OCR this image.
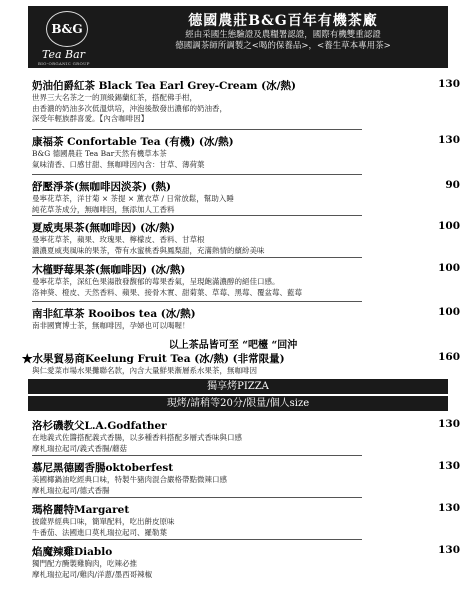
B&G
Tea Bar
BIO-ORGANIC GROUP
德國農莊B&G百年有機茶廠
經由采國生態驗證及農糧署認證，國際有機雙重認證
德國調茶師所調製之<喝的保養品>，<養生草本專用茶>
奶油伯爵紅茶 Black Tea Earl Grey-Cream (冰/熱)	130
世界三大名茶之一的頂級錫蘭紅茶，搭配佛手柑，
由香濃的奶油多次低溫烘培，沖泡後散發出濃郁的奶油香，
深受年輕族群喜愛。【內含咖啡因】
康福茶 Confortable Tea (有機) (冰/熱)	130
B&G 德國農莊 Tea Bar天然有機草本茶
氣味清香、口感甘甜、無咖啡因內含：甘草、薄荷葉
舒壓淨茶(無咖啡因淡茶) (熱)	90
曼寧花草茶，洋甘菊 × 茶提 × 薰衣草 / 日常放鬆，幫助入睡
純花草茶成分，無咖啡因，無添加人工香料
夏威夷果茶(無咖啡因) (冰/熱)	100
曼寧花草茶，蘋果、玫瑰果、檸檬皮、香料、甘草根
濃濃夏威夷風味的果茶，帶有水蜜桃香與鳳梨甜，充滿熱情的繽紛美味
木槿野莓果茶(無咖啡因) (冰/熱)	100
曼寧花草茶，深紅色果湯散發馥郁的莓果香氣，呈現飽滿濃醇的絕佳口感。
洛神葵、橙皮、天然香料、蘋果、接骨木實、甜菊葉、草莓、黑莓、覆盆莓、藍莓
南非紅草茶 Rooibos tea (冰/熱)	100
南非國寶博士茶，無咖啡因，孕婦也可以喝喔！
以上茶品皆可至 “吧檯 “回沖
★水果貿易商Keelung Fruit Tea (冰/熱) (非常限量)	160
與仁愛菜市場水果攤聯名款，內含大量鮮果漸層系水果茶，無咖啡因
獨享烤PIZZA
現烤/請稍等20分/限量/個人size
洛杉磯教父L.A.Godfather	130
在地義式佐醬搭配義式香腸，以多種香料搭配多層式香味與口感
摩札瑞拉起司/義式香腸/蘑菇
慕尼黑德國香腸oktoberfest	130
美國椰鍋油吃經典口味，特製牛豬肉混合嚴格帶點微辣口感
摩札瑞拉起司/德式香腸
瑪格麗特Margaret	130
披薩界經典口味，簡單配料，吃出餅皮原味
牛番茄、法國進口莫札瑞拉起司、羅勒葉
焰魔辣雞Diablo	130
獨門配方醃製雞胸肉，吃辣必推
摩札瑞拉起司/雞肉/洋蔥/墨西哥辣椒
